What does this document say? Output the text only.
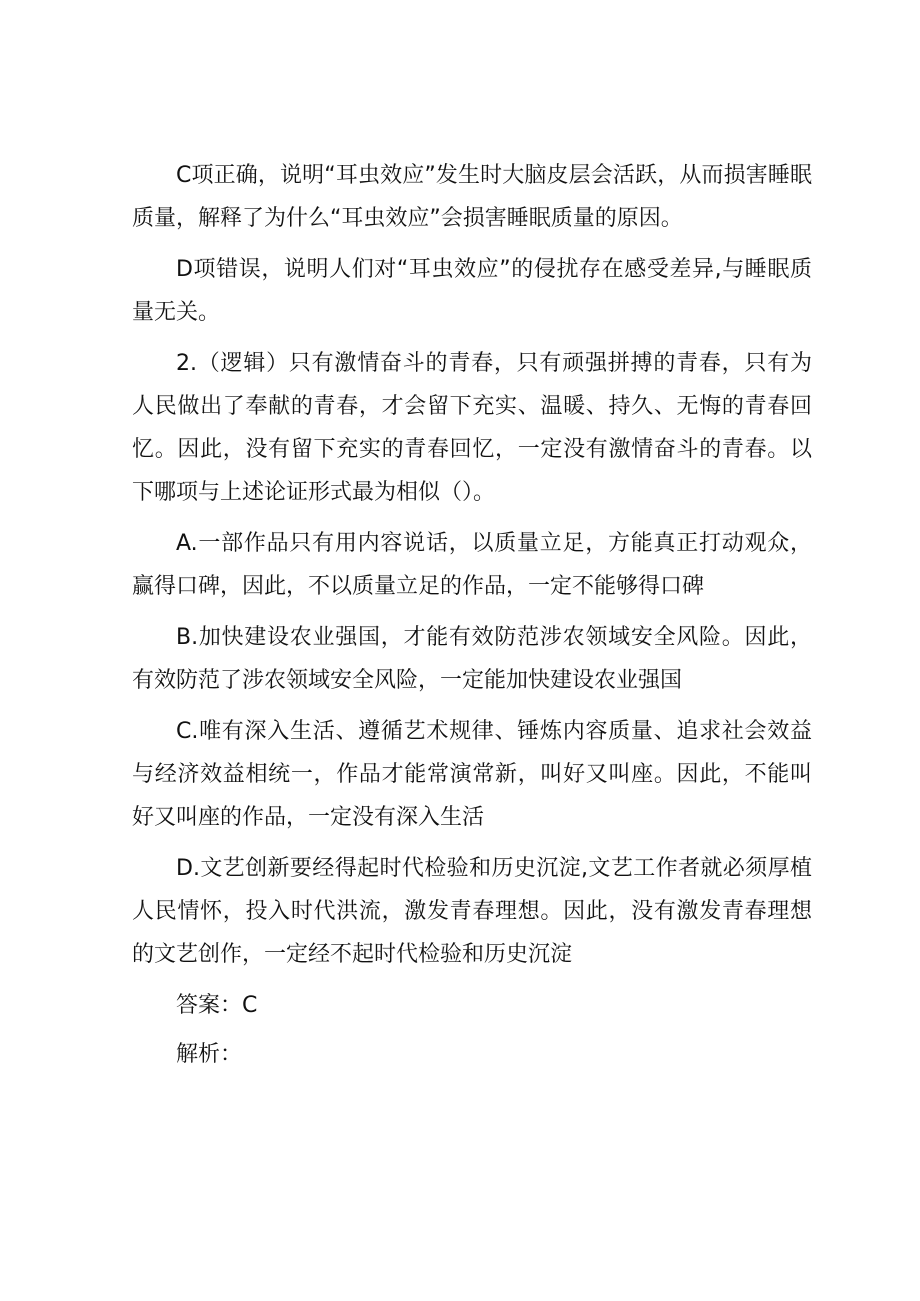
C项正确，说明“耳虫效应”发生时大脑皮层会活跃，从而损害睡眠质量，解释了为什么“耳虫效应”会损害睡眠质量的原因。

D项错误，说明人们对“耳虫效应”的侵扰存在感受差异,与睡眠质量无关。

2.（逻辑）只有激情奋斗的青春，只有顽强拼搏的青春，只有为人民做出了奉献的青春，才会留下充实、温暖、持久、无悔的青春回忆。因此，没有留下充实的青春回忆，一定没有激情奋斗的青春。以下哪项与上述论证形式最为相似（）。

A.一部作品只有用内容说话，以质量立足，方能真正打动观众，赢得口碑，因此，不以质量立足的作品，一定不能够得口碑

B.加快建设农业强国，才能有效防范涉农领域安全风险。因此，有效防范了涉农领域安全风险，一定能加快建设农业强国

C.唯有深入生活、遵循艺术规律、锤炼内容质量、追求社会效益与经济效益相统一，作品才能常演常新，叫好又叫座。因此，不能叫好又叫座的作品，一定没有深入生活

D.文艺创新要经得起时代检验和历史沉淀,文艺工作者就必须厚植人民情怀，投入时代洪流，激发青春理想。因此，没有激发青春理想的文艺创作，一定经不起时代检验和历史沉淀

答案：C

解析：
